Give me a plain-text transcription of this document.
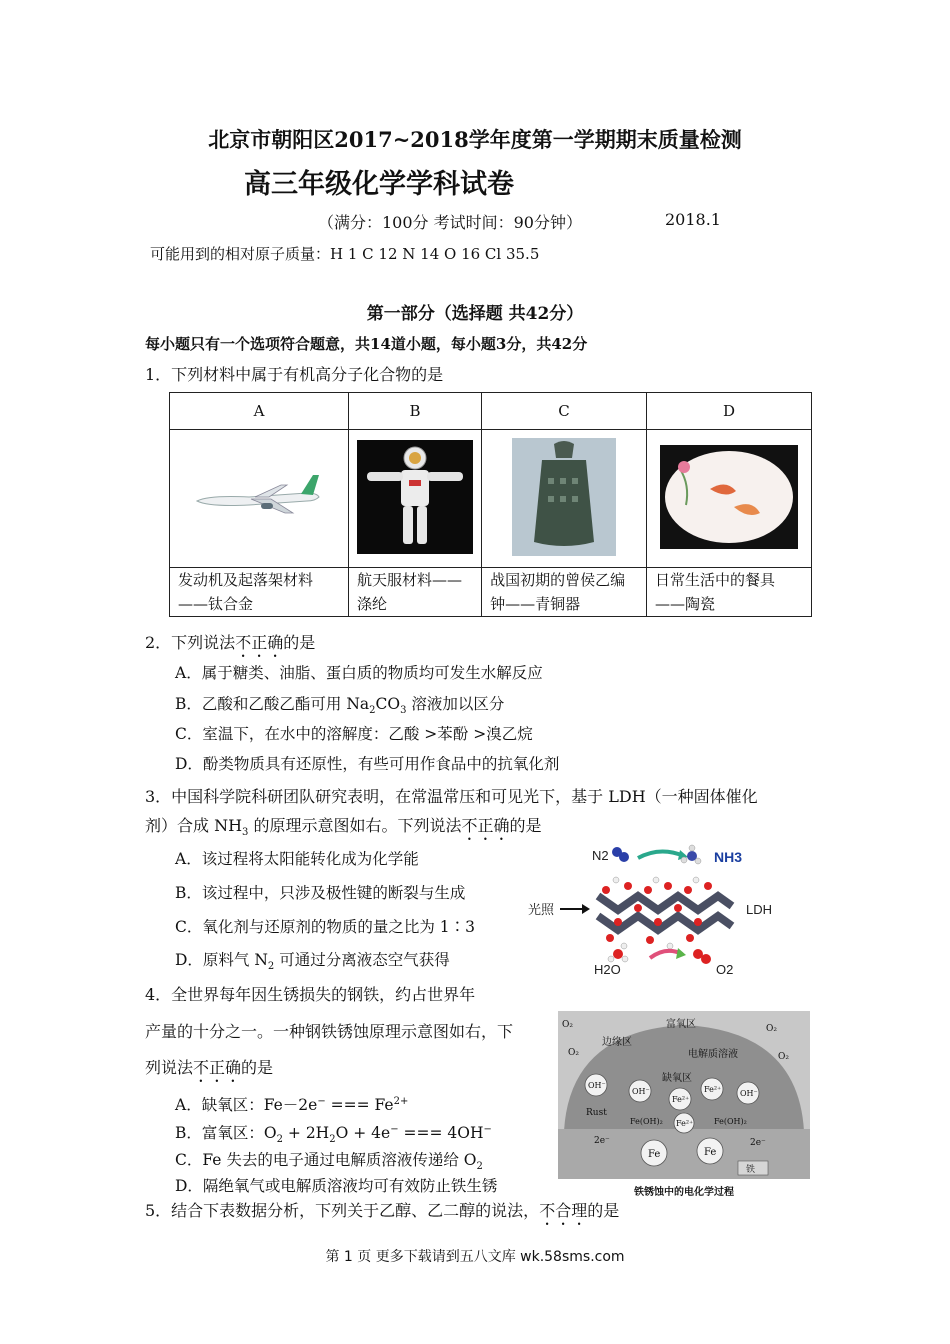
北京市朝阳区2017~2018学年度第一学期期末质量检测
高三年级化学学科试卷
（满分：100分 考试时间：90分钟）	2018.1
可能用到的相对原子质量：H 1 C 12 N 14 O 16 Cl 35.5
第一部分（选择题 共42分）
每小题只有一个选项符合题意，共14道小题，每小题3分，共42分
1．下列材料中属于有机高分子化合物的是
A	B	C	D

发动机及起落架材料——钛合金	航天服材料——涤纶	战国初期的曾侯乙编钟——青铜器	日常生活中的餐具——陶瓷
2．下列说法不正确的是
A．属于糖类、油脂、蛋白质的物质均可发生水解反应
B．乙酸和乙酸乙酯可用 $Na_2CO_3$ 溶液加以区分
C．室温下，在水中的溶解度：乙酸 >苯酚 >溴乙烷
D．酚类物质具有还原性，有些可用作食品中的抗氧化剂
3．中国科学院科研团队研究表明，在常温常压和可见光下，基于 LDH（一种固体催化
剂）合成 $NH_3$ 的原理示意图如右。下列说法不正确的是
A．该过程将太阳能转化成为化学能
B．该过程中，只涉及极性键的断裂与生成
C．氧化剂与还原剂的物质的量之比为 1∶3
D．原料气 $N_2$ 可通过分离液态空气获得
N2	NH3
光照	LDH
H2O	O2
4．全世界每年因生锈损失的钢铁，约占世界年
产量的十分之一。一种钢铁锈蚀原理示意图如右，下
列说法不正确的是
A．缺氧区：Fe－2e− === $Fe^{2+}$
B．富氧区：$O_2 + 2H_2O + 4e^-$ === 4OH−
C．Fe 失去的电子通过电解质溶液传递给 $O_2$
D．隔绝氧气或电解质溶液均可有效防止铁生锈
富氧区
边缘区
电解质溶液
缺氧区
O₂
O₂
O₂
O₂
OH⁻
OH⁻
Fe²⁺
Fe²⁺ OH⁻
Fe²⁺
Rust
Fe(OH)₂	Fe(OH)₂
Fe	Fe
2e⁻	2e⁻
铁
铁锈蚀中的电化学过程
5．结合下表数据分析，下列关于乙醇、乙二醇的说法，不合理的是
第 1 页 更多下载请到五八文库 wk.58sms.com
